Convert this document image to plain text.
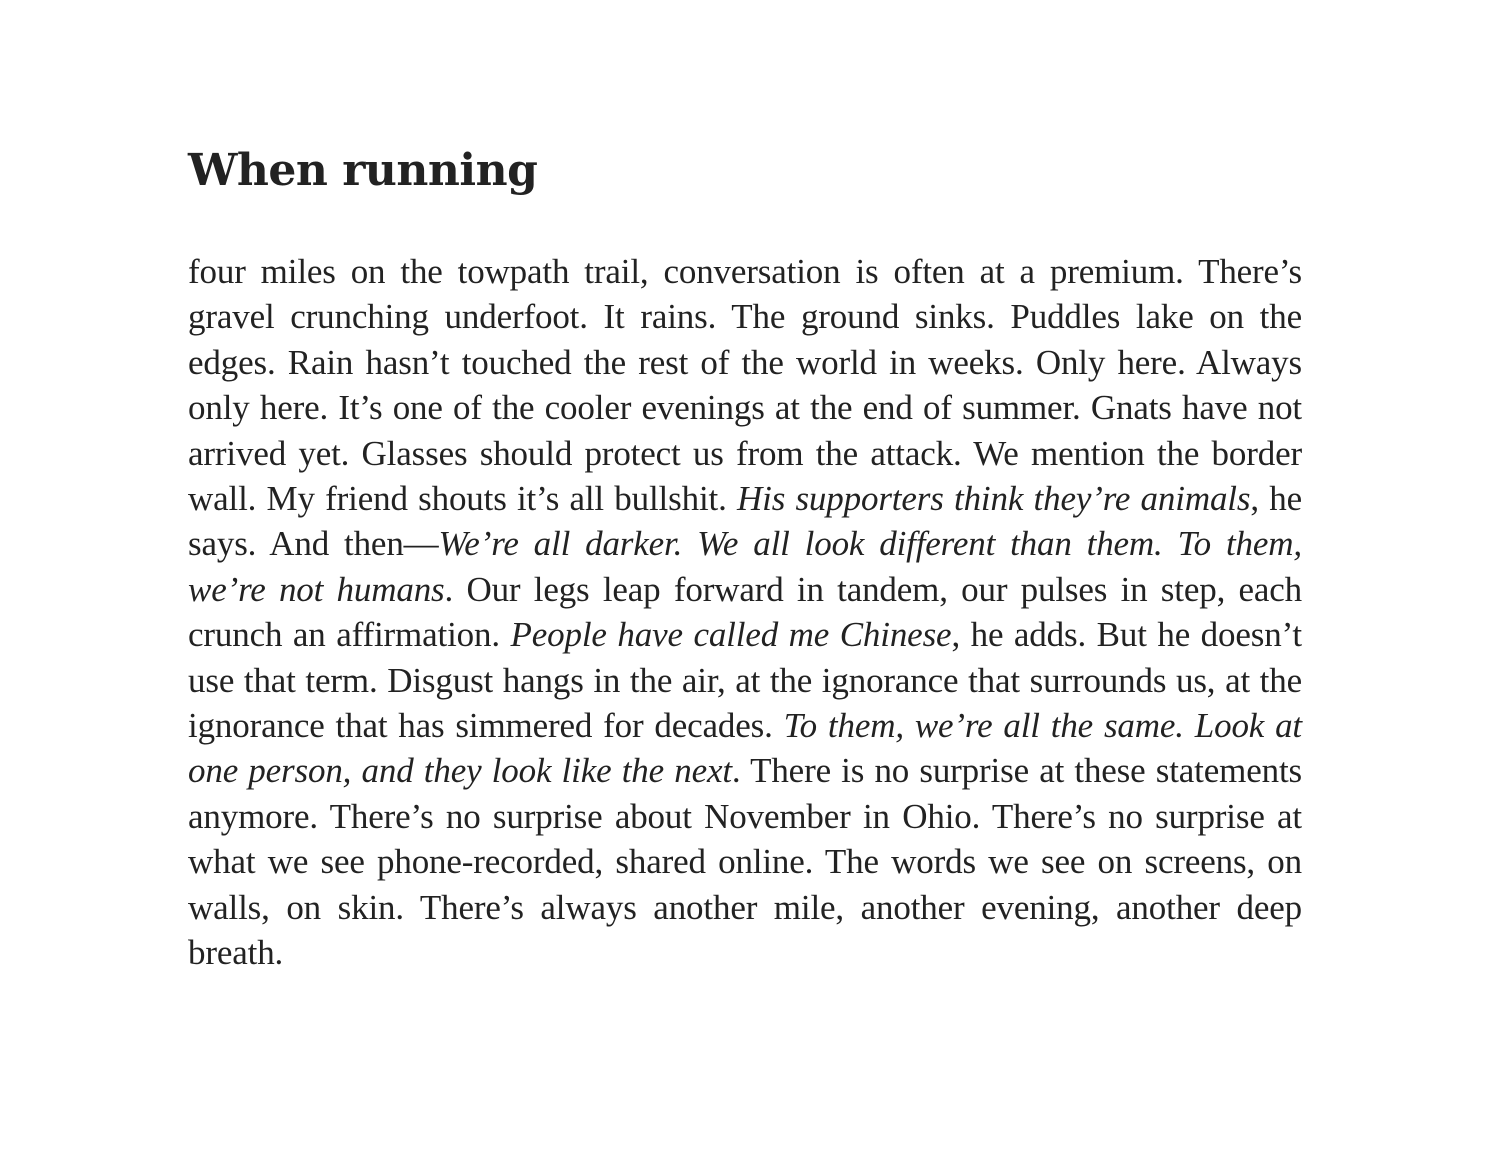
When running

four miles on the towpath trail, conversation is often at a premium. There’s gravel crunching underfoot. It rains. The ground sinks. Puddles lake on the edges. Rain hasn’t touched the rest of the world in weeks. Only here. Always only here. It’s one of the cooler evenings at the end of summer. Gnats have not arrived yet. Glasses should protect us from the attack. We mention the border wall. My friend shouts it’s all bullshit. His supporters think they’re animals, he says. And then—We’re all darker. We all look different than them. To them, we’re not humans. Our legs leap forward in tandem, our pulses in step, each crunch an affirmation. People have called me Chinese, he adds. But he doesn’t use that term. Disgust hangs in the air, at the ignorance that surrounds us, at the ignorance that has simmered for decades. To them, we’re all the same. Look at one person, and they look like the next. There is no surprise at these statements anymore. There’s no surprise about November in Ohio. There’s no surprise at what we see phone-recorded, shared online. The words we see on screens, on walls, on skin. There’s always another mile, another evening, another deep breath.
